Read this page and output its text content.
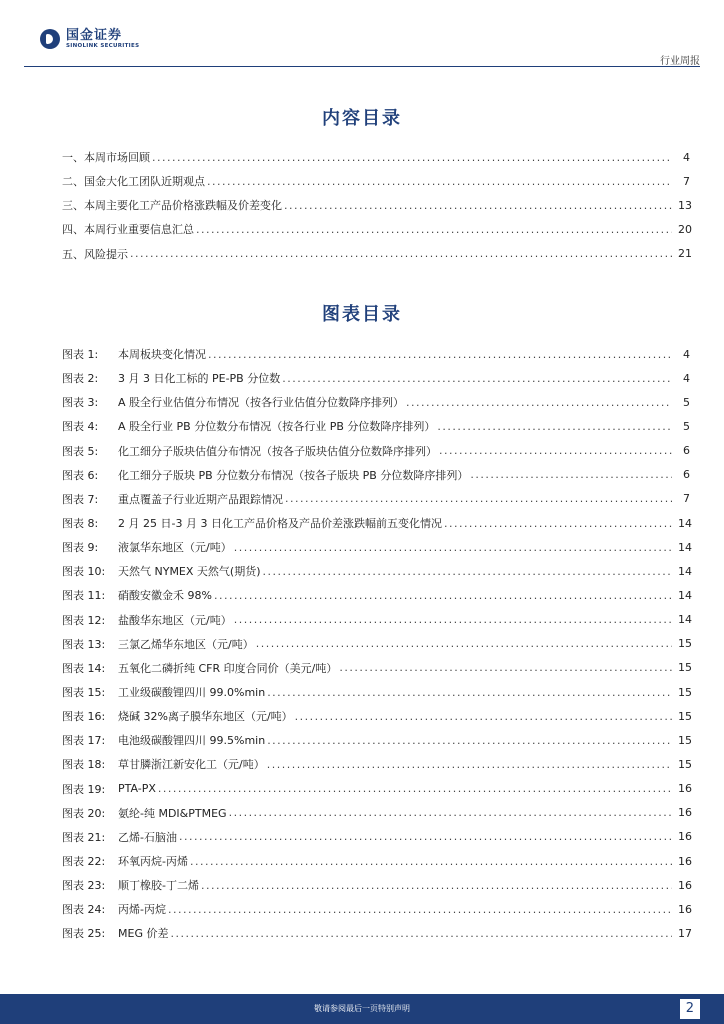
国金证券
SINOLINK SECURITIES
行业周报
内容目录
一、本周市场回顾 .....	4
二、国金大化工团队近期观点 .....	7
三、本周主要化工产品价格涨跌幅及价差变化 .....	13
四、本周行业重要信息汇总 .....	20
五、风险提示 .....	21
图表目录
图表 1:	本周板块变化情况 .....	4
图表 2:	3 月 3 日化工标的 PE-PB 分位数 .....	4
图表 3:	A 股全行业估值分布情况（按各行业估值分位数降序排列） .....	5
图表 4:	A 股全行业 PB 分位数分布情况（按各行业 PB 分位数降序排列） .....	5
图表 5:	化工细分子版块估值分布情况（按各子版块估值分位数降序排列） .....	6
图表 6:	化工细分子版块 PB 分位数分布情况（按各子版块 PB 分位数降序排列） .....	6
图表 7:	重点覆盖子行业近期产品跟踪情况 .....	7
图表 8:	2 月 25 日-3 月 3 日化工产品价格及产品价差涨跌幅前五变化情况 .....	14
图表 9:	液氯华东地区（元/吨） .....	14
图表 10:	天然气 NYMEX 天然气(期货) .....	14
图表 11:	硝酸安徽金禾 98% .....	14
图表 12:	盐酸华东地区（元/吨） .....	14
图表 13:	三氯乙烯华东地区（元/吨） .....	15
图表 14:	五氧化二磷折纯 CFR 印度合同价（美元/吨） .....	15
图表 15:	工业级碳酸锂四川 99.0%min .....	15
图表 16:	烧碱 32%离子膜华东地区（元/吨） .....	15
图表 17:	电池级碳酸锂四川 99.5%min .....	15
图表 18:	草甘膦浙江新安化工（元/吨） .....	15
图表 19:	PTA-PX .....	16
图表 20:	氨纶-纯 MDI&PTMEG .....	16
图表 21:	乙烯-石脑油 .....	16
图表 22:	环氧丙烷-丙烯 .....	16
图表 23:	顺丁橡胶-丁二烯 .....	16
图表 24:	丙烯-丙烷 .....	16
图表 25:	MEG 价差 .....	17
敬请参阅最后一页特别声明	2
